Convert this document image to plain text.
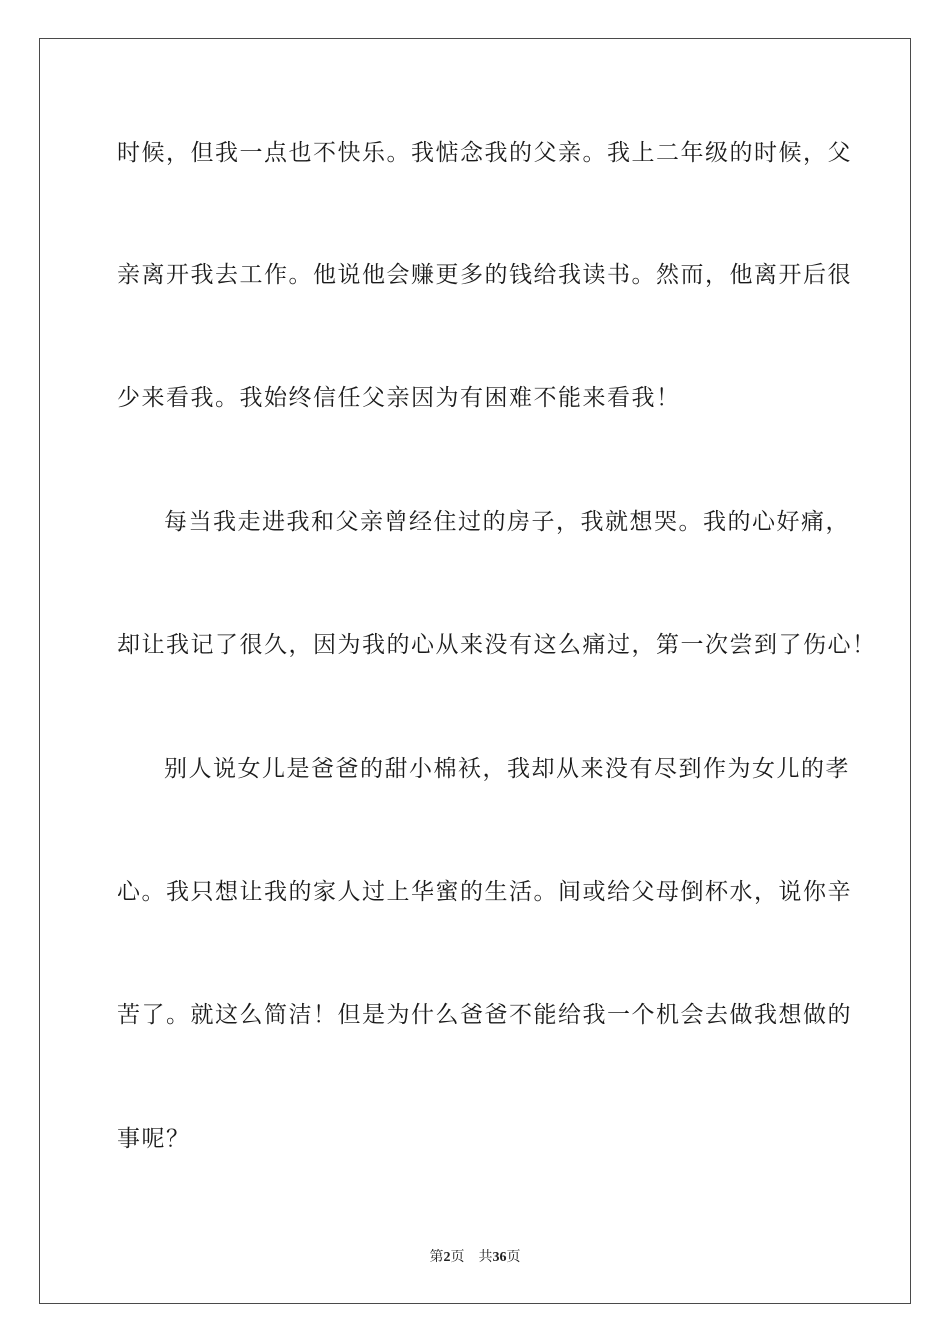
时候，但我一点也不快乐。我惦念我的父亲。我上二年级的时候，父
亲离开我去工作。他说他会赚更多的钱给我读书。然而，他离开后很
少来看我。我始终信任父亲因为有困难不能来看我！
每当我走进我和父亲曾经住过的房子，我就想哭。我的心好痛，
却让我记了很久，因为我的心从来没有这么痛过，第一次尝到了伤心！
别人说女儿是爸爸的甜小棉袄，我却从来没有尽到作为女儿的孝
心。我只想让我的家人过上华蜜的生活。间或给父母倒杯水，说你辛
苦了。就这么简洁！但是为什么爸爸不能给我一个机会去做我想做的
事呢？
第2页 共36页
